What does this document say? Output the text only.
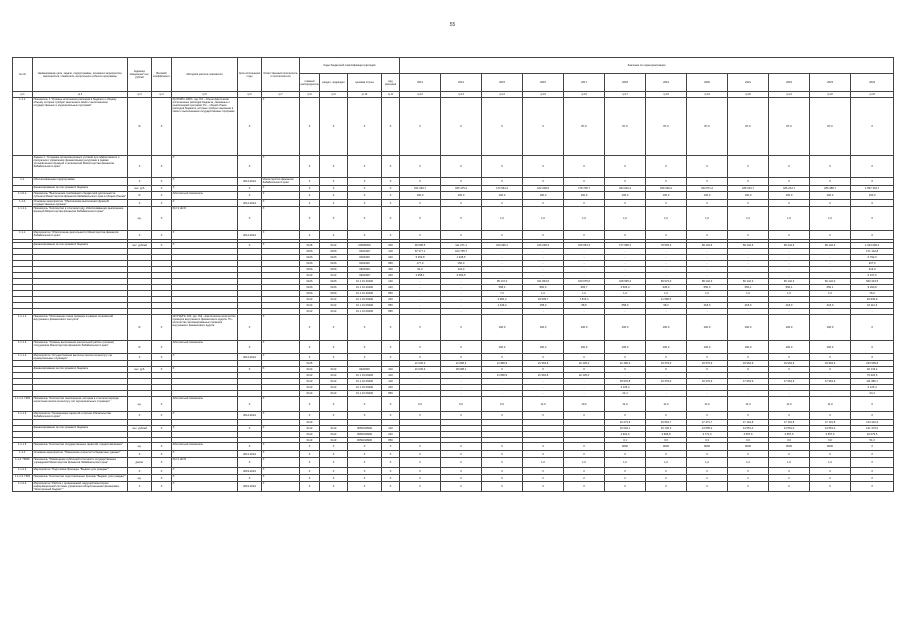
55
№ п/п	Наименование цели, задачи, подпрограммы, основного мероприятия, мероприятия, показателя, контрольного события программы	Единица измерения/ тыс. рублей	Весовой коэффициент	Методика расчета показателя	Срок исполнения/ годы	Ответственный исполнитель и соисполнители	Коды бюджетной классификации расходов				Значение по годам реализации												
							главный распорядитель	раздел, подраздел	целевая статья	вид расходов	2013	2014	2015	2016	2017	2018	2019	2020	2021	2022	2023	2024	
гр.1	гр.2	гр.3	гр.4	гр.5	гр.6	гр.7	гр.8	гр.9	гр.10	гр.11	гр.12	гр.13	гр.14	гр.15	гр.16	гр.17	гр.18	гр.19	гр.20	гр.21	гр.22	гр.23	
1.1.1.	Показатель 1 "Уровень исполнения расходов в бюджете к общему объему, которые требуют внесения в связи с выполнением государственных и муниципальных программ"	%	X	Pp=Pd/Po·100%, где: Pd – объем фактически исполненных расходов бюджета, связанных с реализацией программ; Po – общий объем расходов бюджета, которые требуют внесения в связи с выполнением государственных программ	X	X	X	X	X	X	X	X	X	X	87,0	87,0	87,0	87,0	87,0	87,0	87,0	X	
	Задача 1. "Создание организационных условий для эффективного и прозрачного управления финансовыми ресурсами в рамках установленных функций и полномочий Министерства финансов Забайкальского края"	X	X	X	X	X	X	X	X	X	X	X	X	X	X	X	X	X	X	X	X	X	
1.1.	Обеспечивающая подпрограмма	X	X	X	2014-2024	Министерство финансов Забайкальского края	X	X	X	X	X	X	X	X	X	X	X	X	X	X	X	X	
	финансирование за счет краевого бюджета	тыс. руб.	X	X	X	X	X	X	X	X	151 093,7	186 475,2	174 564,2	162 008,9	178 708,7	184 046,4	189 399,2	183 871,2	186 034,7	186 244,7	186 388,7	1 897 364,7	
1.1.0.1.	Показатель "Выполнение требований к бюджетной деятельности субъекта Министерства финансов Забайкальского края в общем объеме"	%	X	Абсолютный показатель	X	X	X	X	X	X	100,0	100,0	100,0	100,0	100,0	100,0	100,0	100,0	100,0	100,0	100,0	100,0	
1.1.2.	Основное мероприятие "Обеспечение выполнения функций государственных органов"	X	X	X	2014-2024	X	X	X	X	X	X	X	X	X	X	X	X	X	X	X	X	X	
1.1.1.1.	Показатель "Количество в отчетном году, обеспечивающих выполнение функций Министерства финансов Забайкальского края"	ед.	X	Рp=1 Нп=0	X	X	X	X	X	X	X	X	1,0	1,0	1,0	1,0	1,0	1,0	1,0	1,0	1,0	X	
1.1.1.	Мероприятие "Обеспечение деятельности Министерства финансов Забайкальского края"	X	X	X	2014-2024	X	X	X	X	X	X	X	X	X	X	X	X	X	X	X	X	X	

	финансирование за счет краевого бюджета	тыс. рублей	X	X	X	X	0115	0113	00000000	000	90 098,5	111 271,1	100 096,1	126 228,3	106 654,3	177 998,1	79 593,3	69 142,6	69 142,6	69 142,6	69 142,6	1 024 096,4	
							0106	0106	0020400	120	67 377,1	103 765,7	-	-	-	-	-	-	-	-	-	171 142,8	
							0106	0106	0020400	240	5 463,8	1 328,5	-	-	-	-	-	-	-	-	-	6 792,3	
							0106	0106	0020400	850	177,0	150,0	-	-	-	-	-	-	-	-	-	327,0	
							0106	0106	0920300	320	91,0	122,0	-	-	-	-	-	-	-	-	-	213,0	
							0113	0113	0920300	240	2 958,1	6 059,5	-	-	-	-	-	-	-	-	-	9 017,6	
							0106	0106	01 1 01 20400	120	-	-	95 147,2	101 843,6	109 675,6	108 695,3	69 973,0	58 142,3	60 142,3	60 142,3	60 142,3	663 443,5	
							0106	0106	01 1 01 20400	240	-	-	568,3	800,0	955,7	2 506,0	636,0	650,0	650,1	650,1	650,1	9 290,8	
							0106	0106	01 1 01 20400	850	-	-	7,0	1,0	1,0	1,0	1,0	1,0	1,0	1,0	1,0	15,0	
							0113	0113	01 1 01 09200	240	-	-	2 984,3	23 539,7	7 816,4	-	11 596,5	-	-	-	-	49 936,9	
							0113	0113	01 1 01 09200	850	-	-	1 439,4	158,0	98,5	658,0	98,2	418,0	418,0	418,0	418,0	16 112,3	
							0113	0113	01 1 01 09200	880	-	-	-	-	-	-	-	-	-	-	-	-	
1.1.1.1.	Показатель "Исполнение плана проверок в рамках полномочий внутреннего финансового контроля"	%	X	Ип=Пф/Пп·100, где: Пф - фактическое количество проверок внутреннего финансового аудита; Пп - количество запланированных проверок внутреннего финансового аудита	X	X	X	X	X	X	X	X	100,0	100,0	100,0	100,0	100,0	100,0	100,0	100,0	100,0	X	
1.1.1.2.	Показатель "Уровень выполнения контрольной работы (планов) сотрудников Министерства финансов Забайкальского края"	%	X	Абсолютный показатель	X	X	X	X	X	X	X	X	100,0	100,0	100,0	100,0	100,0	100,0	100,0	100,0	100,0	X	
1.1.1.2.	Мероприятие "Осуществление выплаты пенсии за выслугу лет муниципальных служащих"	X	X	X	2014-2024	X	X	X	X	X	X	X	X	X	X	X	X	X	X	X	X	X	
							0115				21 045,3	21 898,3	11 896,9	21 963,8	22 125,0	21 496,3	16 379,0	16 576,9	19 964,9	19 964,9	19 964,9	233 999,8	
	финансирование за счет краевого бюджета	тыс. руб.	X	X	X	X	0113	0113	0920300	410	21 045,3	25 098,1	X	X	X	X	X	X	X	X	X	46 143,4	
							0113	0113	01 1 01 09200	410	-	-	11 896,9	21 963,8	22 125,0	-	-	-	-	-	-	79 325,6	
							0113	0113	01 1 01 09200	120	-	-	-	-	-	18 976,8	16 379,0	16 376,9	17 964,9	17 964,9	17 964,9	111 386,1	
							0113	0113	01 1 01 09200	240	-	-	-	-	-	2 125,4	-	-	-	-	-	2 125,4	
							0113	0113	01 1 01 09200	850	-	-	-	-	-	24,4	-	-	-	-	-	24,4	
1.1.1.2. ПМ1	Показатель "Количество пенсионеров, которым в отчетном периоде начислена пенсия за выслугу лет муниципальных служащих"	ед.	X	Абсолютный показатель	X	X	X	X	X	X	6,0	6,0	6,0	11,0	10,0	11,0	11,0	11,0	11,0	11,0	11,0	X	
1.1.1.3.	Мероприятие "Организация гарантий и прочие обязательства Забайкальского края"	X	X	X	2014-2024	X	X	X	X	X	X	X	X	X	X	X	X	X	X	X	X	X	
							0113									16 273,6	19 664,7	17 471,7	17 191,8	17 191,8	17 191,8	143 410,6	
	финансирование за счет краевого бюджета	тыс. рублей	X	X	X	X	0113	0113	0050019900	120						16 004,1	16 145,3	14 555,3	14 551,0	14 551,0	14 551,0	121 370,0	
							0113	0113	0050019900	240						4 922,0	2 995,8	2 771,0	2 657,6	2 657,6	2 657,6	22 079,5	
							0113	0113	0050019900	850						3,1	3,6	3,3	3,0	3,0	3,0	51,3	
1.1.1.3.	Показатель "Количество государственных гарантий, предоставляемых"	ед.	X	Абсолютный показатель	X	X	X	X	X	X	X	X	X	X	X	9000	9000	9000	9000	9000	9000	X	
1.1.4.	Основное мероприятие "Повышение открытости бюджетных данных"	X	X	X	2014-2024	X	X	X	X	X	X	X	X	X	X	X	X	X	X	X	X	X	
1.1.4. ПМ01	Показатель "Размещение публичной отчетности государственных учреждений Министерства финансов Забайкальского края"	да/нет	X	Рp=1 Нп=0	X	X	X	X	X	X	X	X	X	1,0	1,0	1,0	1,0	1,0	1,0	1,0	1,0	X	
1.1.2.3.	Мероприятие "Подготовка брошюры "Бюджет для граждан""	X	X	X	2019-2024	X	X	X	X	X	X	X	X	X	X	X	X	X	X	X	X	X	
1.1.2.3. ПМ1	Показатель "Количество подготовленных брошюр "Бюджет для граждан""	ед.	X	X	X	X	X	X	X	X	X	X	X	2	2	2	2	2	2	2	2	X	
1.1.2.4.	Мероприятие "Работа с организацией, ведущей мониторинг информационной системы управления общественными финансами - "Электронный бюджет""	X	X	X	2019-2024	X	X	X	X	X	X	X	X	X	X	X	X	X	X	X	X	X	
